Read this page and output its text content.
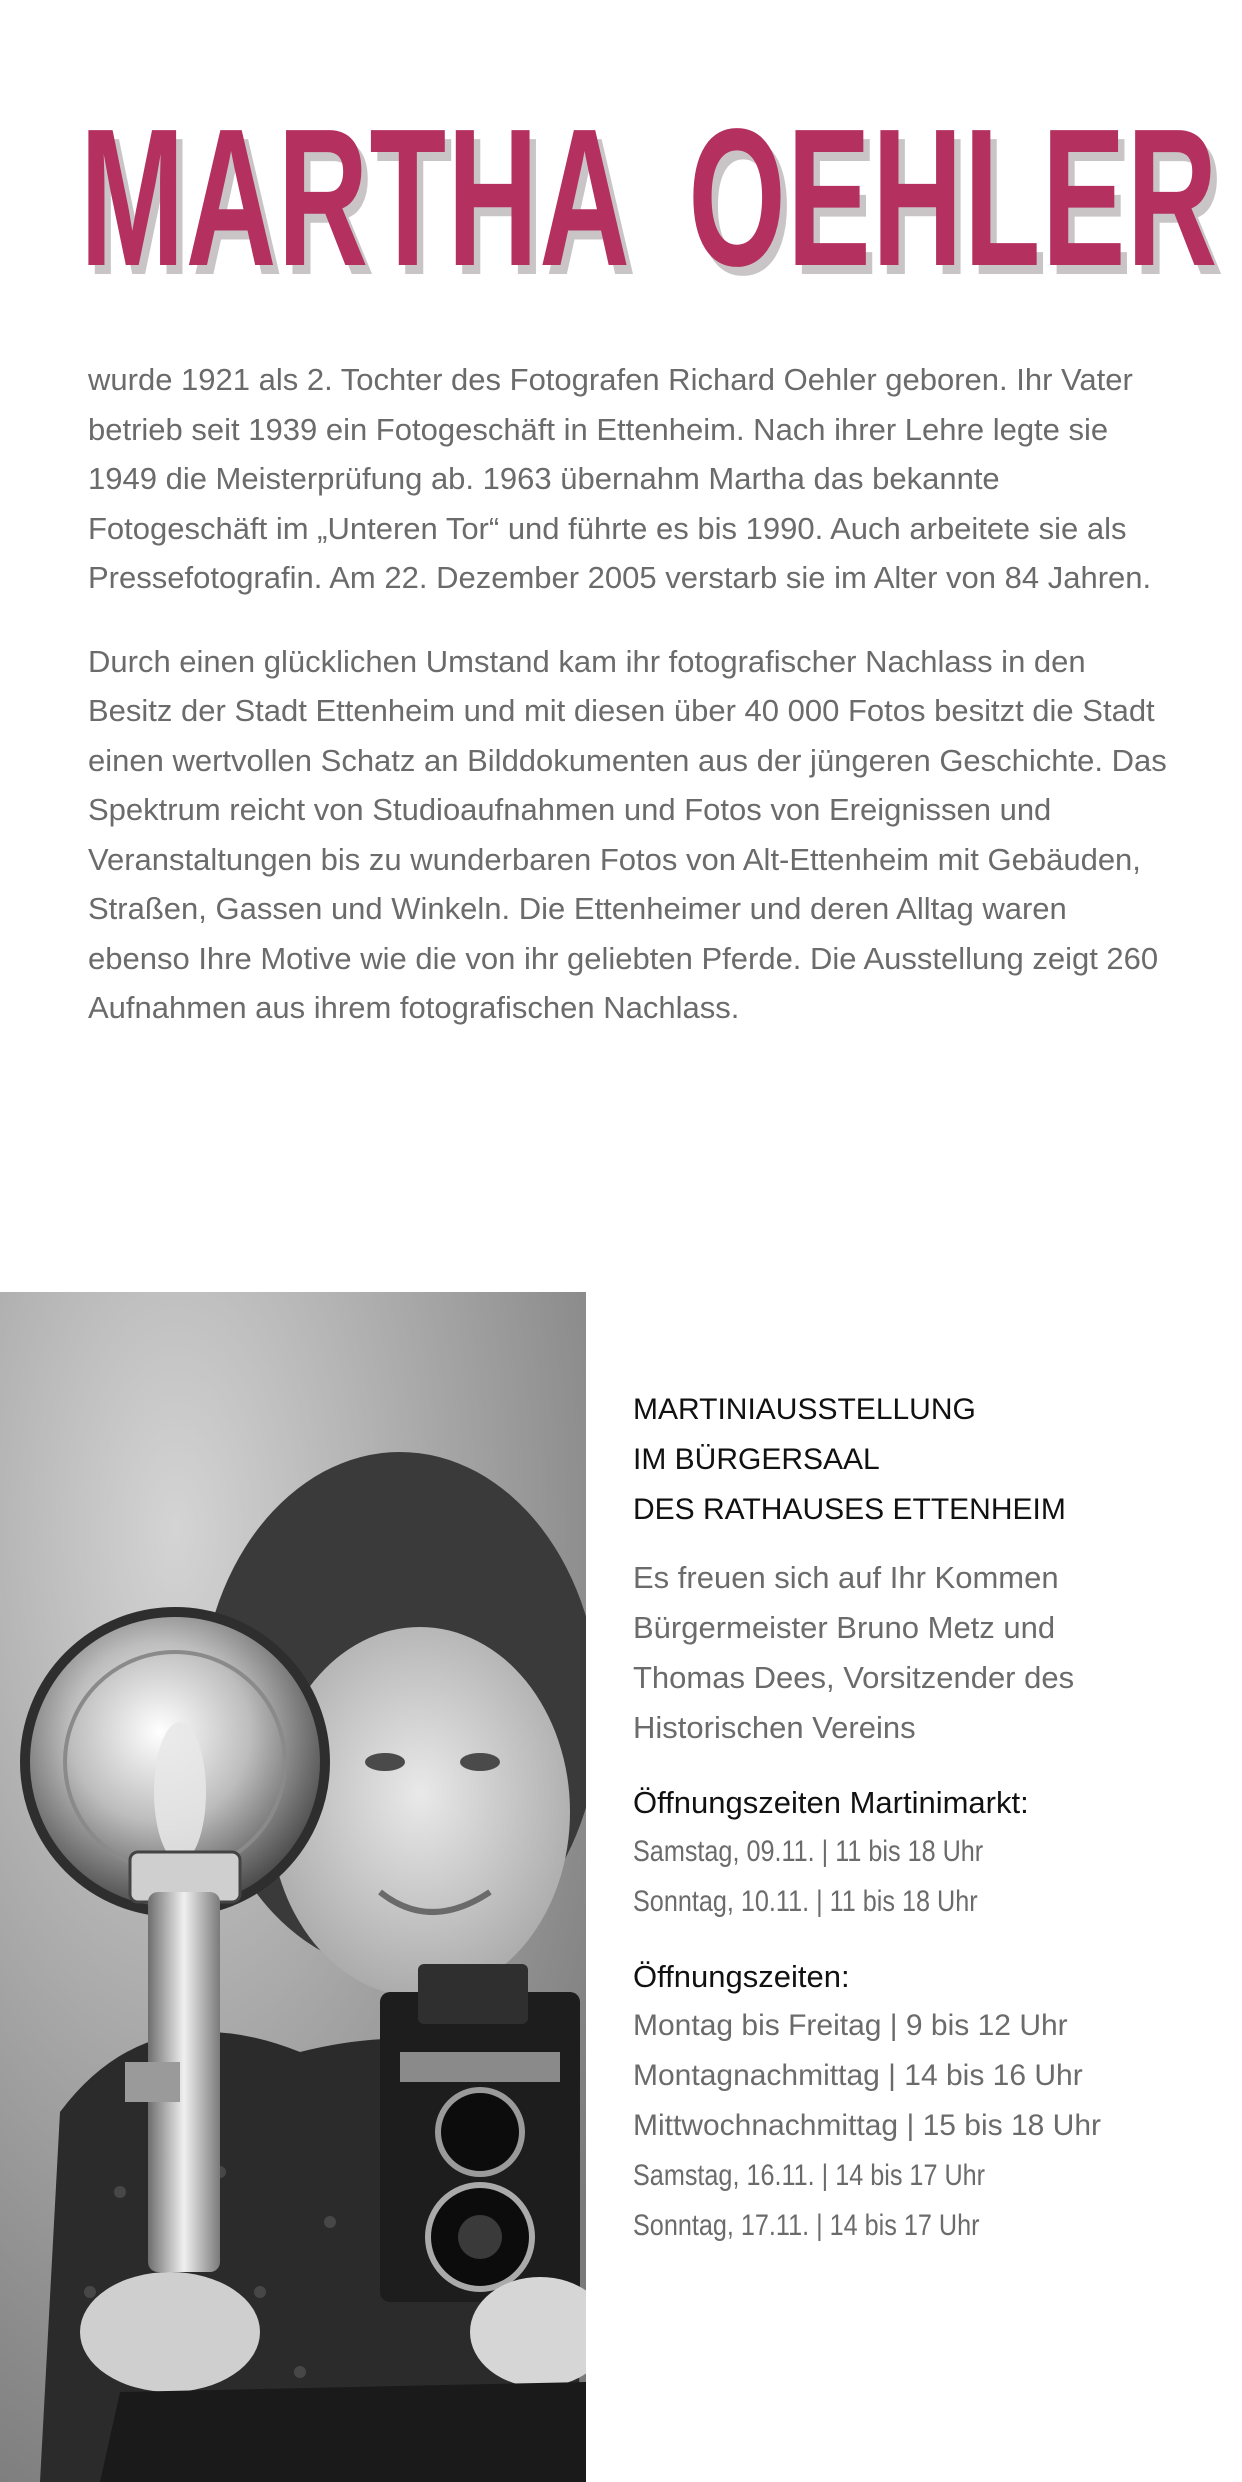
MARTHA OEHLER

wurde 1921 als 2. Tochter des Fotografen Richard Oehler geboren. Ihr Vater betrieb seit 1939 ein Fotogeschäft in Ettenheim. Nach ihrer Lehre legte sie 1949 die Meisterprüfung ab. 1963 übernahm Martha das bekannte Fotogeschäft im „Unteren Tor“ und führte es bis 1990. Auch arbeitete sie als Pressefotografin. Am 22. Dezember 2005 verstarb sie im Alter von 84 Jahren.

Durch einen glücklichen Umstand kam ihr fotografischer Nachlass in den Besitz der Stadt Ettenheim und mit diesen über 40 000 Fotos besitzt die Stadt einen wertvollen Schatz an Bilddokumenten aus der jüngeren Geschichte. Das Spektrum reicht von Studioaufnahmen und Fotos von Ereignissen und Veranstaltungen bis zu wunderbaren Fotos von Alt-Ettenheim mit Gebäuden, Straßen, Gassen und Winkeln. Die Ettenheimer und deren Alltag waren ebenso Ihre Motive wie die von ihr geliebten Pferde. Die Ausstellung zeigt 260 Aufnahmen aus ihrem fotografischen Nachlass.

MARTINIAUSSTELLUNG
IM BÜRGERSAAL
DES RATHAUSES ETTENHEIM
Es freuen sich auf Ihr Kommen
Bürgermeister Bruno Metz und
Thomas Dees, Vorsitzender des
Historischen Vereins
Öffnungszeiten Martinimarkt:
Samstag, 09.11. | 11 bis 18 Uhr
Sonntag, 10.11. | 11 bis 18 Uhr
Öffnungszeiten:
Montag bis Freitag | 9 bis 12 Uhr
Montagnachmittag | 14 bis 16 Uhr
Mittwochnachmittag | 15 bis 18 Uhr
Samstag, 16.11. | 14 bis 17 Uhr
Sonntag, 17.11. | 14 bis 17 Uhr
